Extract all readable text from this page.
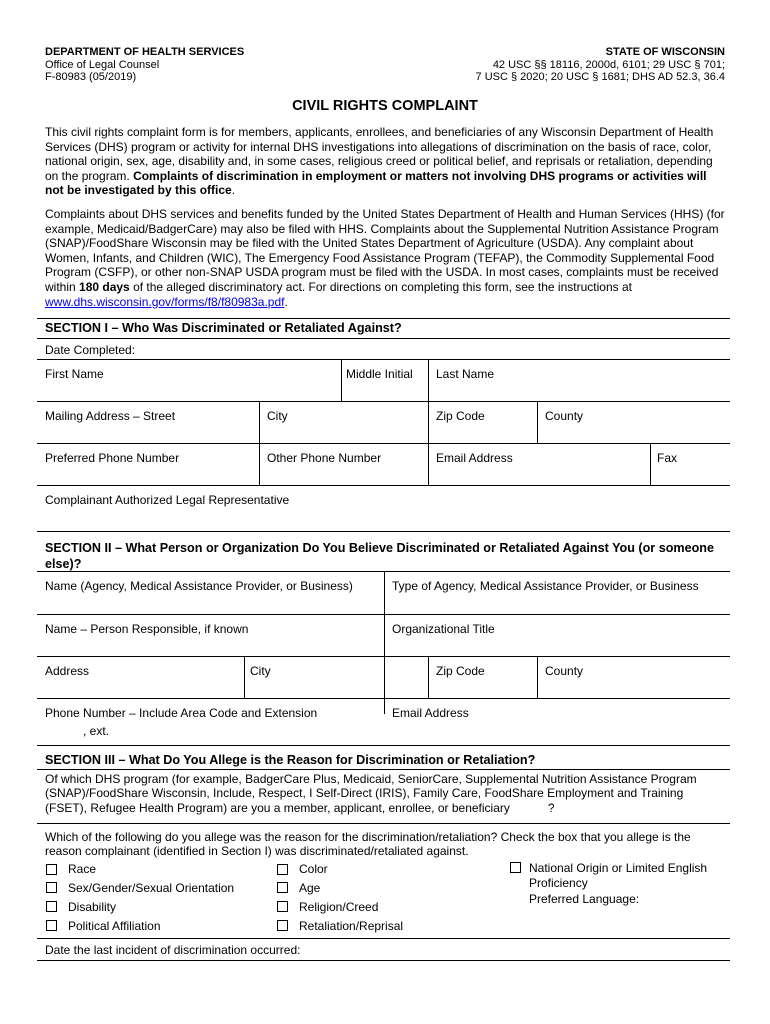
DEPARTMENT OF HEALTH SERVICES
Office of Legal Counsel
F-80983 (05/2019)
STATE OF WISCONSIN
42 USC §§ 18116, 2000d, 6101; 29 USC § 701;
7 USC § 2020; 20 USC § 1681; DHS AD 52.3, 36.4
CIVIL RIGHTS COMPLAINT
This civil rights complaint form is for members, applicants, enrollees, and beneficiaries of any Wisconsin Department of Health Services (DHS) program or activity for internal DHS investigations into allegations of discrimination on the basis of race, color, national origin, sex, age, disability and, in some cases, religious creed or political belief, and reprisals or retaliation, depending on the program. Complaints of discrimination in employment or matters not involving DHS programs or activities will not be investigated by this office.
Complaints about DHS services and benefits funded by the United States Department of Health and Human Services (HHS) (for example, Medicaid/BadgerCare) may also be filed with HHS. Complaints about the Supplemental Nutrition Assistance Program (SNAP)/FoodShare Wisconsin may be filed with the United States Department of Agriculture (USDA). Any complaint about Women, Infants, and Children (WIC), The Emergency Food Assistance Program (TEFAP), the Commodity Supplemental Food Program (CSFP), or other non-SNAP USDA program must be filed with the USDA. In most cases, complaints must be received within 180 days of the alleged discriminatory act. For directions on completing this form, see the instructions at www.dhs.wisconsin.gov/forms/f8/f80983a.pdf.
SECTION I – Who Was Discriminated or Retaliated Against?
Date Completed:
First Name	Middle Initial Last Name
Mailing Address – Street	City	Zip Code	County
Preferred Phone Number	Other Phone Number	Email Address	Fax
Complainant Authorized Legal Representative
SECTION II – What Person or Organization Do You Believe Discriminated or Retaliated Against You (or someone else)?
Name (Agency, Medical Assistance Provider, or Business)	Type of Agency, Medical Assistance Provider, or Business
Name – Person Responsible, if known	Organizational Title
Address	City	Zip Code	County
Phone Number – Include Area Code and Extension
, ext.
Email Address
SECTION III – What Do You Allege is the Reason for Discrimination or Retaliation?
Of which DHS program (for example, BadgerCare Plus, Medicaid, SeniorCare, Supplemental Nutrition Assistance Program (SNAP)/FoodShare Wisconsin, Include, Respect, I Self-Direct (IRIS), Family Care, FoodShare Employment and Training (FSET), Refugee Health Program) are you a member, applicant, enrollee, or beneficiary	?
Which of the following do you allege was the reason for the discrimination/retaliation? Check the box that you allege is the reason complainant (identified in Section I) was discriminated/retaliated against.
Race
Sex/Gender/Sexual Orientation
Disability
Political Affiliation
Color
Age
Religion/Creed
Retaliation/Reprisal
National Origin or Limited English
Proficiency
Preferred Language:
Date the last incident of discrimination occurred:
